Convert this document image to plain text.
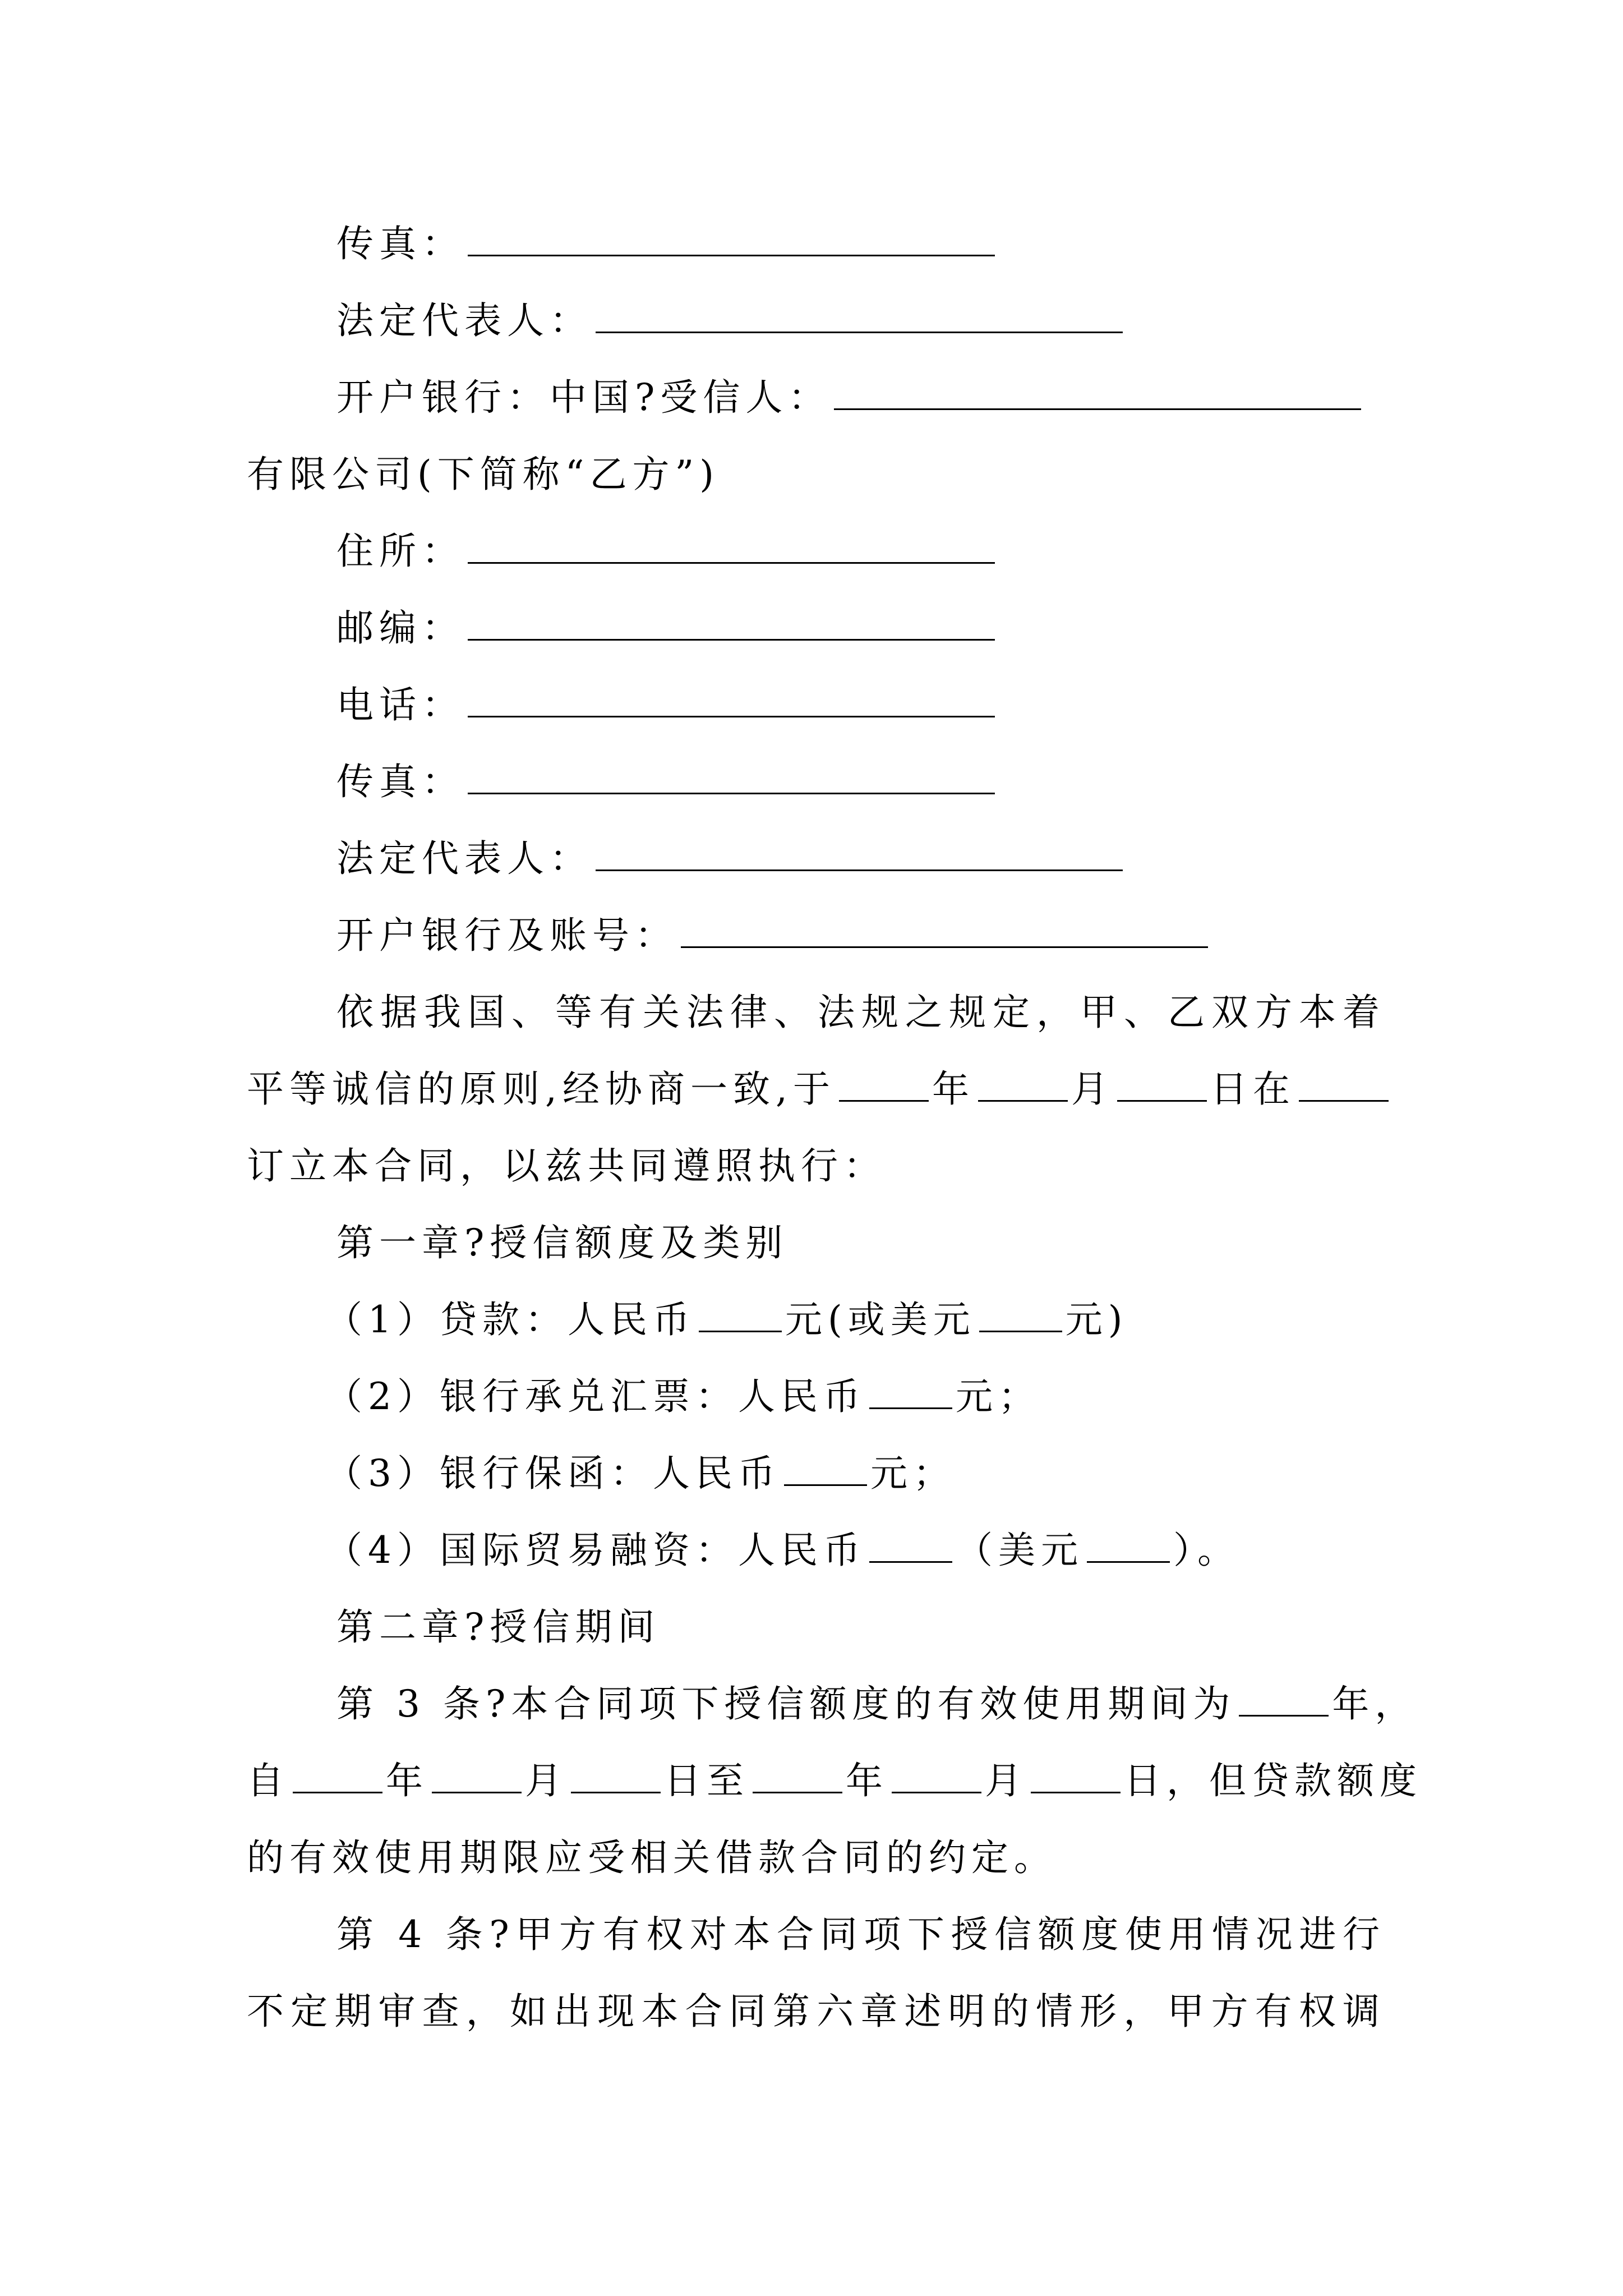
传真：
法定代表人：
开户银行：中国?受信人：
有限公司(下简称“乙方”)
住所：
邮编：
电话：
传真：
法定代表人：
开户银行及账号：
依据我国、等有关法律、法规之规定，甲、乙双方本着
平等诚信的原则,经协商一致,于	年	月	日在
订立本合同，以兹共同遵照执行：
第一章?授信额度及类别
（1）贷款：人民币 元(或美元 元)
（2）银行承兑汇票：人民币 元；
（3）银行保函：人民币 元；
（4）国际贸易融资：人民币 （美元 ）。
第二章?授信期间
第 3 条?本合同项下授信额度的有效使用期间为	年，
自	年	月	日至	年	月	日，但贷款额度
的有效使用期限应受相关借款合同的约定。
第 4 条?甲方有权对本合同项下授信额度使用情况进行
不定期审查，如出现本合同第六章述明的情形，甲方有权调
